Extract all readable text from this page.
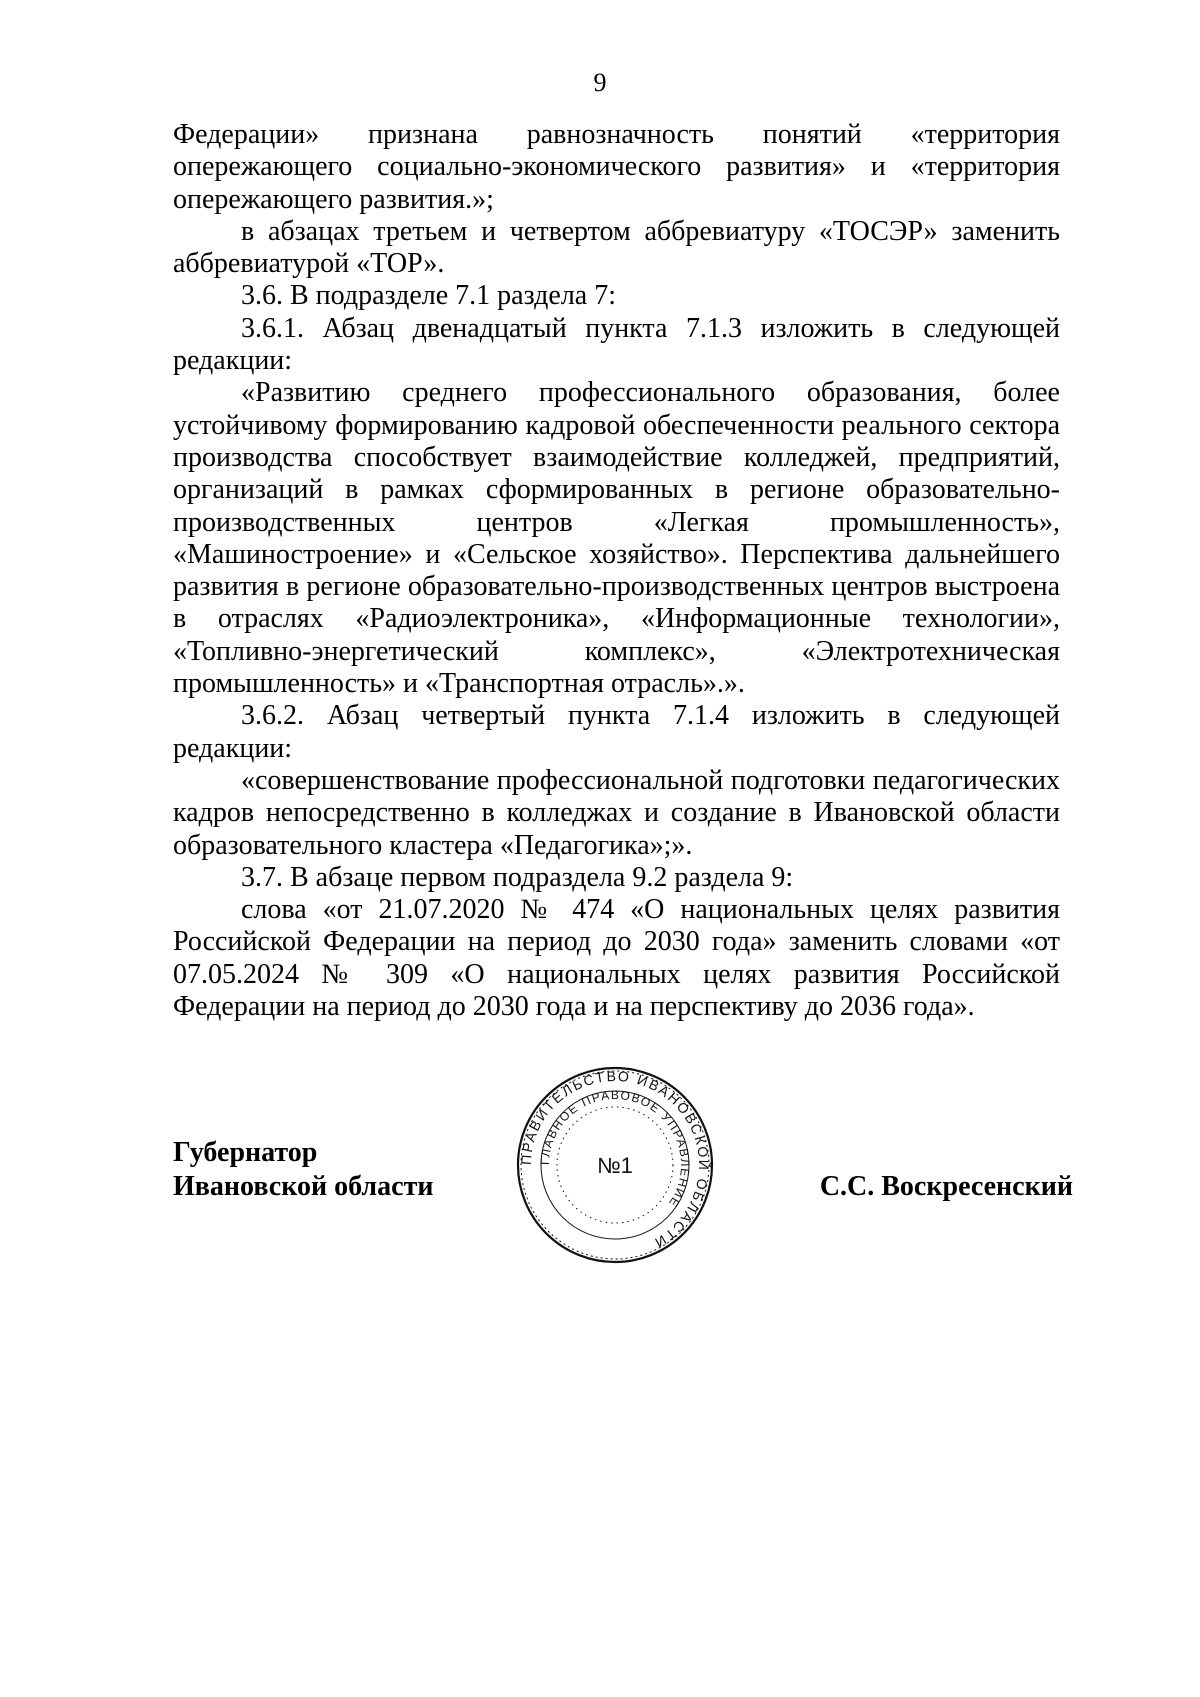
9

Федерации» признана равнозначность понятий «территория опережающего социально-экономического развития» и «территория опережающего развития.»;

в абзацах третьем и четвертом аббревиатуру «ТОСЭР» заменить аббревиатурой «ТОР».

3.6. В подразделе 7.1 раздела 7:

3.6.1. Абзац двенадцатый пункта 7.1.3 изложить в следующей редакции:

«Развитию среднего профессионального образования, более устойчивому формированию кадровой обеспеченности реального сектора производства способствует взаимодействие колледжей, предприятий, организаций в рамках сформированных в регионе образовательно-производственных центров «Легкая промышленность», «Машиностроение» и «Сельское хозяйство». Перспектива дальнейшего развития в регионе образовательно-производственных центров выстроена в отраслях «Радиоэлектроника», «Информационные технологии», «Топливно-энергетический комплекс», «Электротехническая промышленность» и «Транспортная отрасль».».

3.6.2. Абзац четвертый пункта 7.1.4 изложить в следующей редакции:

«совершенствование профессиональной подготовки педагогических кадров непосредственно в колледжах и создание в Ивановской области образовательного кластера «Педагогика»;».

3.7. В абзаце первом подраздела 9.2 раздела 9:

слова «от 21.07.2020 № 474 «О национальных целях развития Российской Федерации на период до 2030 года» заменить словами «от 07.05.2024 № 309 «О национальных целях развития Российской Федерации на период до 2030 года и на перспективу до 2036 года».

Губернатор
Ивановской области
ПРАВИТЕЛЬСТВО ИВАНОВСКОЙ ОБЛАСТИ
ГЛАВНОЕ ПРАВОВОЕ УПРАВЛЕНИЕ
№1
С.С. Воскресенский
